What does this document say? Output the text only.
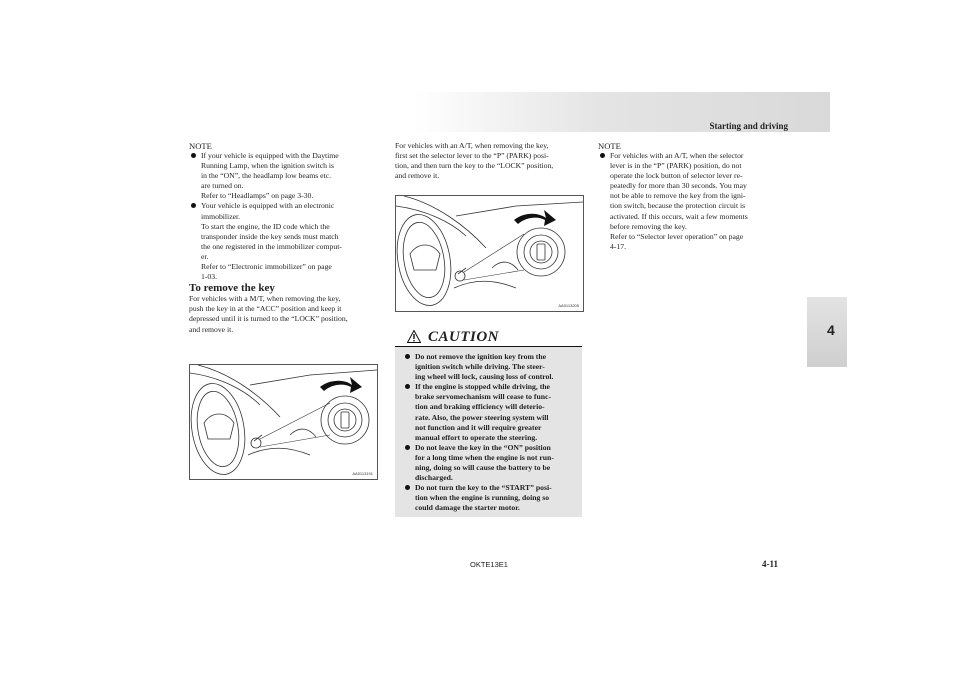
Starting and driving
4

NOTE

If your vehicle is equipped with the Daytime
Running Lamp, when the ignition switch is
in the “ON”, the headlamp low beams etc.
are turned on.
Refer to “Headlamps” on page 3-30.
Your vehicle is equipped with an electronic
immobilizer.
To start the engine, the ID code which the
transponder inside the key sends must match
the one registered in the immobilizer comput-
er.
Refer to “Electronic immobilizer” on page
1-03.

To remove the key

For vehicles with a M/T, when removing the key,
push the key in at the “ACC” position and keep it
depressed until it is turned to the “LOCK” position,
and remove it.
AA0113191
For vehicles with an A/T, when removing the key,
first set the selector lever to the “P” (PARK) posi-
tion, and then turn the key to the “LOCK” position,
and remove it.
AA0113205
CAUTION
Do not remove the ignition key from the
ignition switch while driving. The steer-
ing wheel will lock, causing loss of control.
If the engine is stopped while driving, the
brake servomechanism will cease to func-
tion and braking efficiency will deterio-
rate. Also, the power steering system will
not function and it will require greater
manual effort to operate the steering.
Do not leave the key in the “ON” position
for a long time when the engine is not run-
ning, doing so will cause the battery to be
discharged.
Do not turn the key to the “START” posi-
tion when the engine is running, doing so
could damage the starter motor.

NOTE

For vehicles with an A/T, when the selector
lever is in the “P” (PARK) position, do not
operate the lock button of selector lever re-
peatedly for more than 30 seconds. You may
not be able to remove the key from the igni-
tion switch, because the protection circuit is
activated. If this occurs, wait a few moments
before removing the key.
Refer to “Selector lever operation” on page
4-17.
OKTE13E1	4-11
